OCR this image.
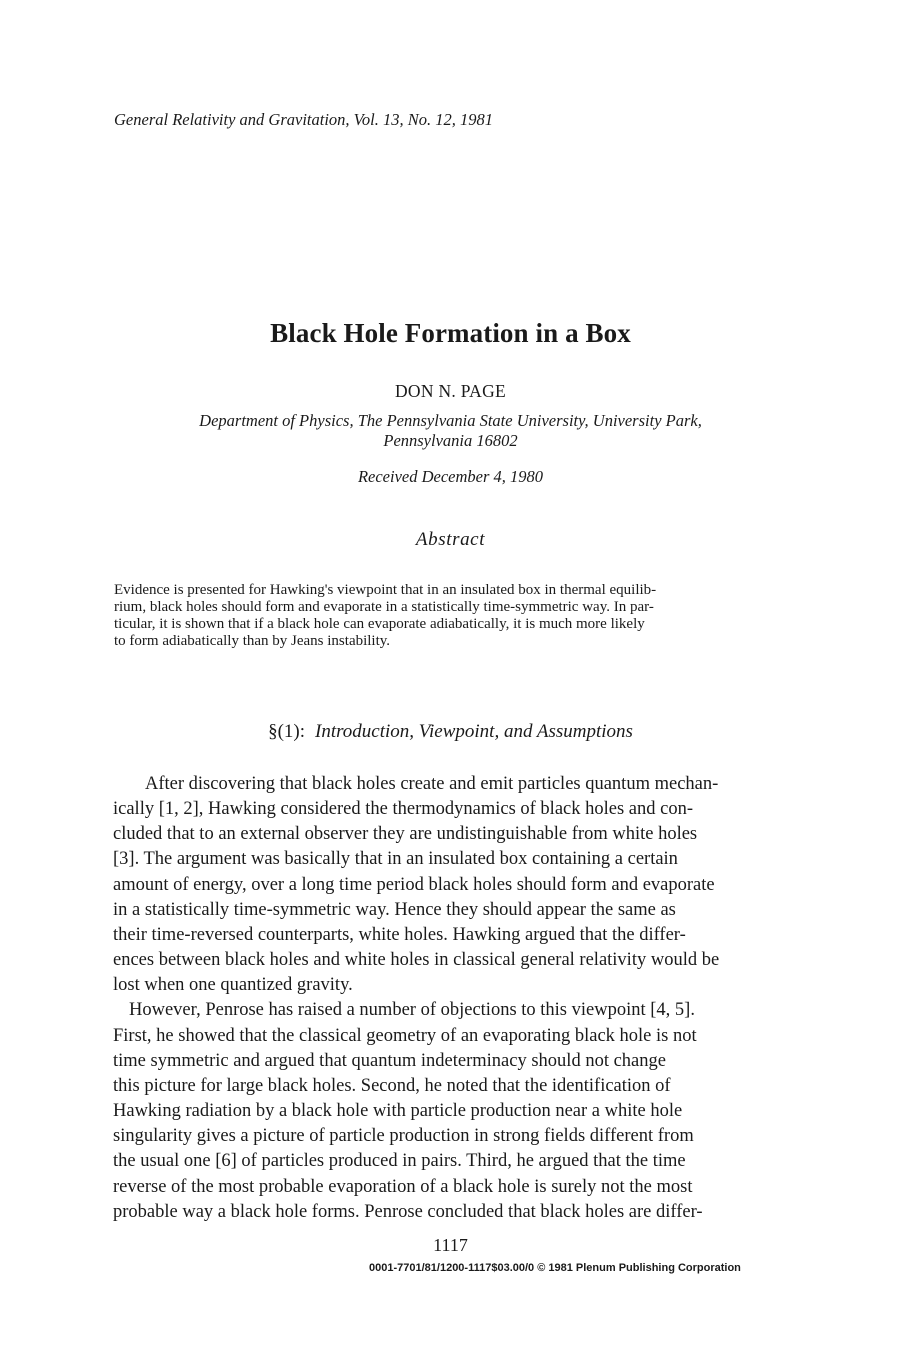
General Relativity and Gravitation, Vol. 13, No. 12, 1981
Black Hole Formation in a Box
DON N. PAGE
Department of Physics, The Pennsylvania State University, University Park,
Pennsylvania 16802
Received December 4, 1980
Abstract
Evidence is presented for Hawking's viewpoint that in an insulated box in thermal equilib-
rium, black holes should form and evaporate in a statistically time-symmetric way. In par-
ticular, it is shown that if a black hole can evaporate adiabatically, it is much more likely
to form adiabatically than by Jeans instability.
§(1): Introduction, Viewpoint, and Assumptions
After discovering that black holes create and emit particles quantum mechan-
ically [1, 2], Hawking considered the thermodynamics of black holes and con-
cluded that to an external observer they are undistinguishable from white holes
[3]. The argument was basically that in an insulated box containing a certain
amount of energy, over a long time period black holes should form and evaporate
in a statistically time-symmetric way. Hence they should appear the same as
their time-reversed counterparts, white holes. Hawking argued that the differ-
ences between black holes and white holes in classical general relativity would be
lost when one quantized gravity.
However, Penrose has raised a number of objections to this viewpoint [4, 5].
First, he showed that the classical geometry of an evaporating black hole is not
time symmetric and argued that quantum indeterminacy should not change
this picture for large black holes. Second, he noted that the identification of
Hawking radiation by a black hole with particle production near a white hole
singularity gives a picture of particle production in strong fields different from
the usual one [6] of particles produced in pairs. Third, he argued that the time
reverse of the most probable evaporation of a black hole is surely not the most
probable way a black hole forms. Penrose concluded that black holes are differ-
1117
0001-7701/81/1200-1117$03.00/0 © 1981 Plenum Publishing Corporation
